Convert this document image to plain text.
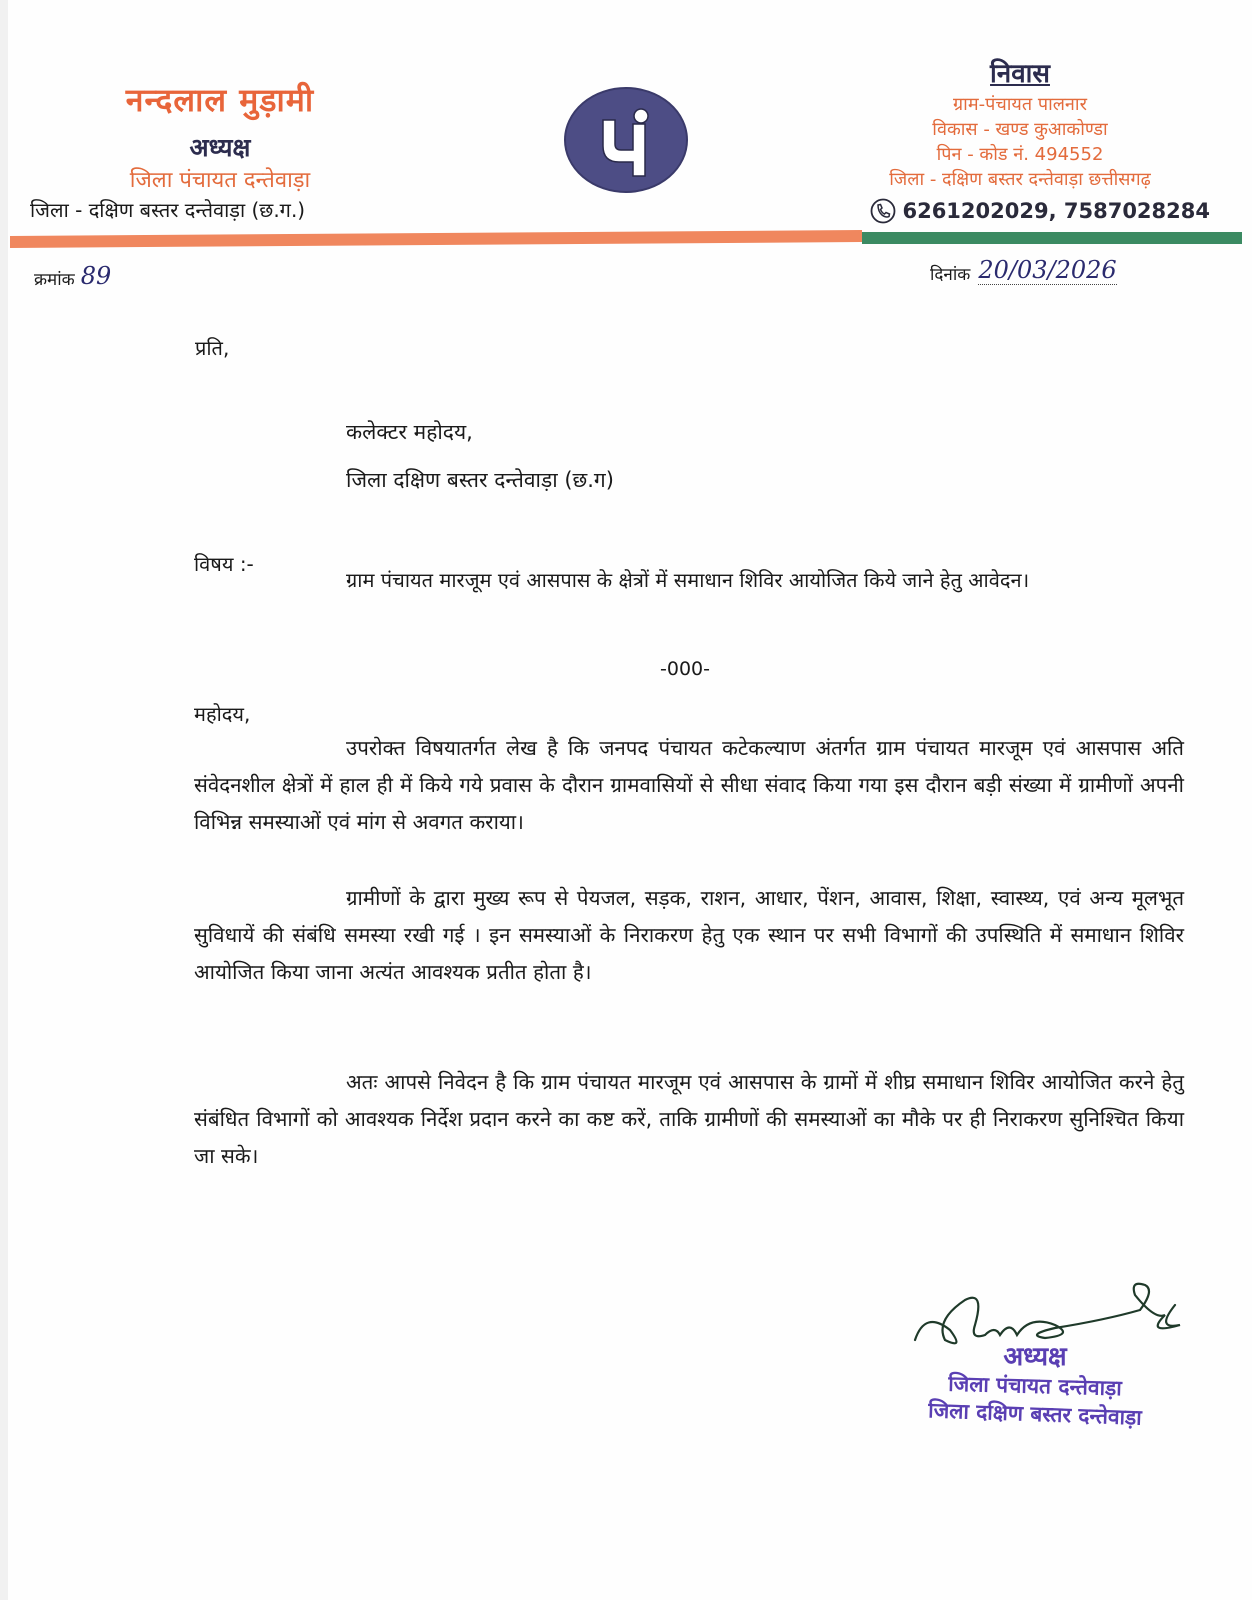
नन्दलाल मुड़ामी
अध्यक्ष
जिला पंचायत दन्तेवाड़ा
जिला - दक्षिण बस्तर दन्तेवाड़ा (छ.ग.)
निवास
ग्राम-पंचायत पालनार
विकास - खण्ड कुआकोण्डा
पिन - कोड नं. 494552
जिला - दक्षिण बस्तर दन्तेवाड़ा छत्तीसगढ़
6261202029, 7587028284
क्रमांक 89	दिनांक 20/03/2026
प्रति,
कलेक्टर महोदय,
जिला दक्षिण बस्तर दन्तेवाड़ा (छ.ग)
विषय :-
ग्राम पंचायत मारजूम एवं आसपास के क्षेत्रों में समाधान शिविर आयोजित किये जाने हेतु आवेदन।
-000-
महोदय,
उपरोक्त विषयातर्गत लेख है कि जनपद पंचायत कटेकल्याण अंतर्गत ग्राम पंचायत मारजूम एवं आसपास अति संवेदनशील क्षेत्रों में हाल ही में किये गये प्रवास के दौरान ग्रामवासियों से सीधा संवाद किया गया इस दौरान बड़ी संख्या में ग्रामीणों अपनी विभिन्न समस्याओं एवं मांग से अवगत कराया।
ग्रामीणों के द्वारा मुख्य रूप से पेयजल, सड़क, राशन, आधार, पेंशन, आवास, शिक्षा, स्वास्थ्य, एवं अन्य मूलभूत सुविधायें की संबंधि समस्या रखी गई । इन समस्याओं के निराकरण हेतु एक स्थान पर सभी विभागों की उपस्थिति में समाधान शिविर आयोजित किया जाना अत्यंत आवश्यक प्रतीत होता है।
अतः आपसे निवेदन है कि ग्राम पंचायत मारजूम एवं आसपास के ग्रामों में शीघ्र समाधान शिविर आयोजित करने हेतु संबंधित विभागों को आवश्यक निर्देश प्रदान करने का कष्ट करें, ताकि ग्रामीणों की समस्याओं का मौके पर ही निराकरण सुनिश्चित किया जा सके।
अध्यक्ष
जिला पंचायत दन्तेवाड़ा
जिला दक्षिण बस्तर दन्तेवाड़ा
